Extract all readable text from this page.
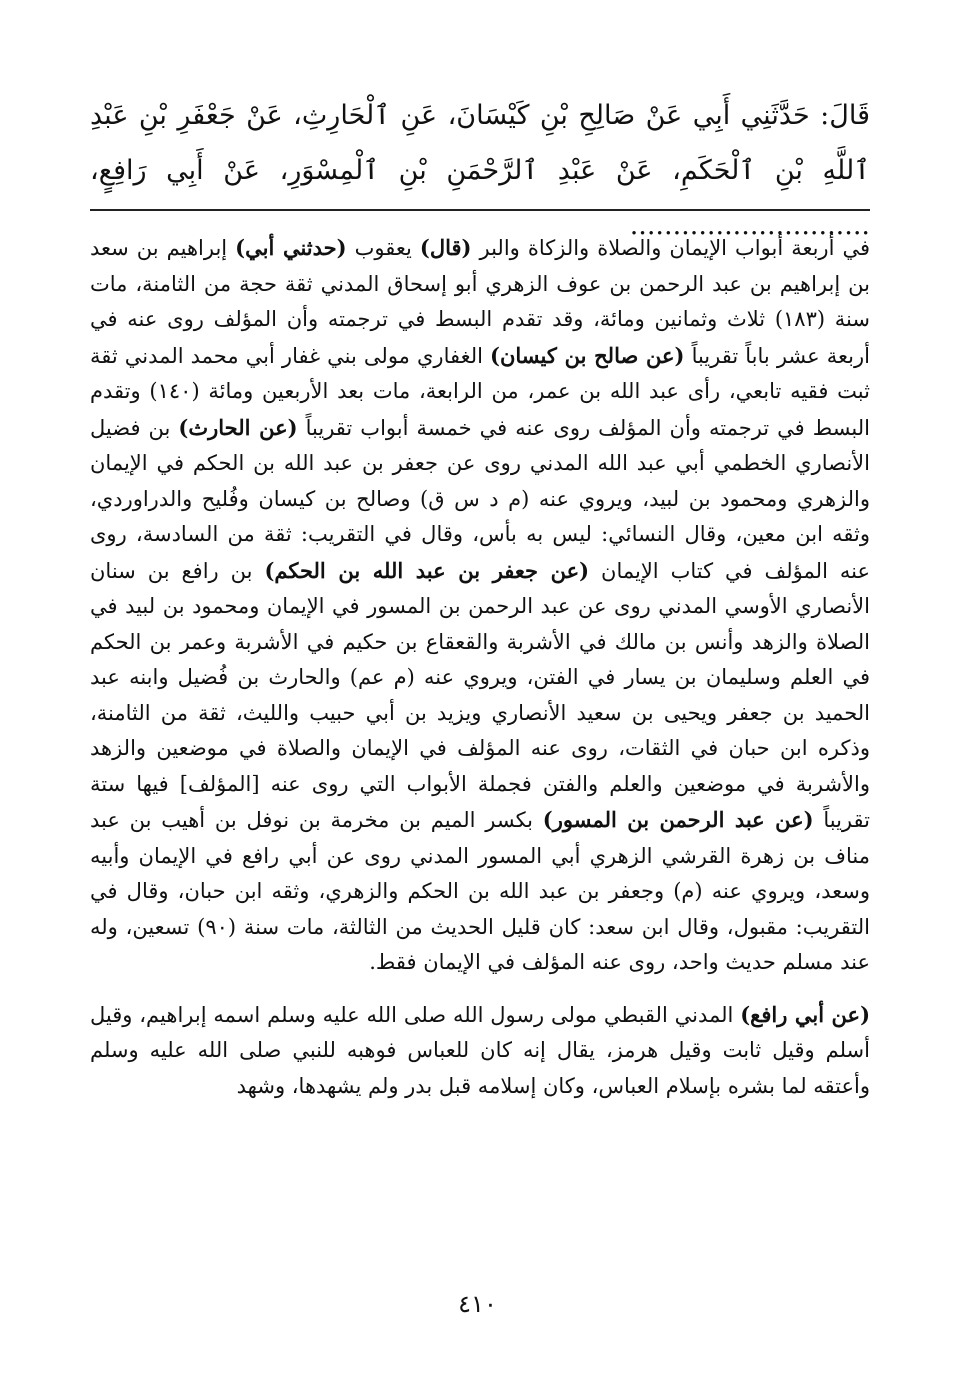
قَالَ: حَدَّثَنِي أَبِي عَنْ صَالِحِ بْنِ كَيْسَانَ، عَنِ ٱلْحَارِثِ، عَنْ جَعْفَرِ بْنِ عَبْدِ ٱللَّهِ بْنِ ٱلْحَكَمِ، عَنْ عَبْدِ ٱلرَّحْمَنِ بْنِ ٱلْمِسْوَرِ، عَنْ أَبِي رَافِعٍ، ............................

في أربعة أبواب الإيمان والصلاة والزكاة والبر (قال) يعقوب (حدثني أبي) إبراهيم بن سعد بن إبراهيم بن عبد الرحمن بن عوف الزهري أبو إسحاق المدني ثقة حجة من الثامنة، مات سنة (١٨٣) ثلاث وثمانين ومائة، وقد تقدم البسط في ترجمته وأن المؤلف روى عنه في أربعة عشر باباً تقريباً (عن صالح بن كيسان) الغفاري مولى بني غفار أبي محمد المدني ثقة ثبت فقيه تابعي، رأى عبد الله بن عمر، من الرابعة، مات بعد الأربعين ومائة (١٤٠) وتقدم البسط في ترجمته وأن المؤلف روى عنه في خمسة أبواب تقريباً (عن الحارث) بن فضيل الأنصاري الخطمي أبي عبد الله المدني روى عن جعفر بن عبد الله بن الحكم في الإيمان والزهري ومحمود بن لبيد، ويروي عنه (م د س ق) وصالح بن كيسان وفُليح والدراوردي، وثقه ابن معين، وقال النسائي: ليس به بأس، وقال في التقريب: ثقة من السادسة، روى عنه المؤلف في كتاب الإيمان (عن جعفر بن عبد الله بن الحكم) بن رافع بن سنان الأنصاري الأوسي المدني روى عن عبد الرحمن بن المسور في الإيمان ومحمود بن لبيد في الصلاة والزهد وأنس بن مالك في الأشربة والقعقاع بن حكيم في الأشربة وعمر بن الحكم في العلم وسليمان بن يسار في الفتن، ويروي عنه (م عم) والحارث بن فُضيل وابنه عبد الحميد بن جعفر ويحيى بن سعيد الأنصاري ويزيد بن أبي حبيب والليث، ثقة من الثامنة، وذكره ابن حبان في الثقات، روى عنه المؤلف في الإيمان والصلاة في موضعين والزهد والأشربة في موضعين والعلم والفتن فجملة الأبواب التي روى عنه [المؤلف] فيها ستة تقريباً (عن عبد الرحمن بن المسور) بكسر الميم بن مخرمة بن نوفل بن أهيب بن عبد مناف بن زهرة القرشي الزهري أبي المسور المدني روى عن أبي رافع في الإيمان وأبيه وسعد، ويروي عنه (م) وجعفر بن عبد الله بن الحكم والزهري، وثقه ابن حبان، وقال في التقريب: مقبول، وقال ابن سعد: كان قليل الحديث من الثالثة، مات سنة (٩٠) تسعين، وله عند مسلم حديث واحد، روى عنه المؤلف في الإيمان فقط.

(عن أبي رافع) المدني القبطي مولى رسول الله صلى الله عليه وسلم اسمه إبراهيم، وقيل أسلم وقيل ثابت وقيل هرمز، يقال إنه كان للعباس فوهبه للنبي صلى الله عليه وسلم وأعتقه لما بشره بإسلام العباس، وكان إسلامه قبل بدر ولم يشهدها، وشهد

٤١٠
